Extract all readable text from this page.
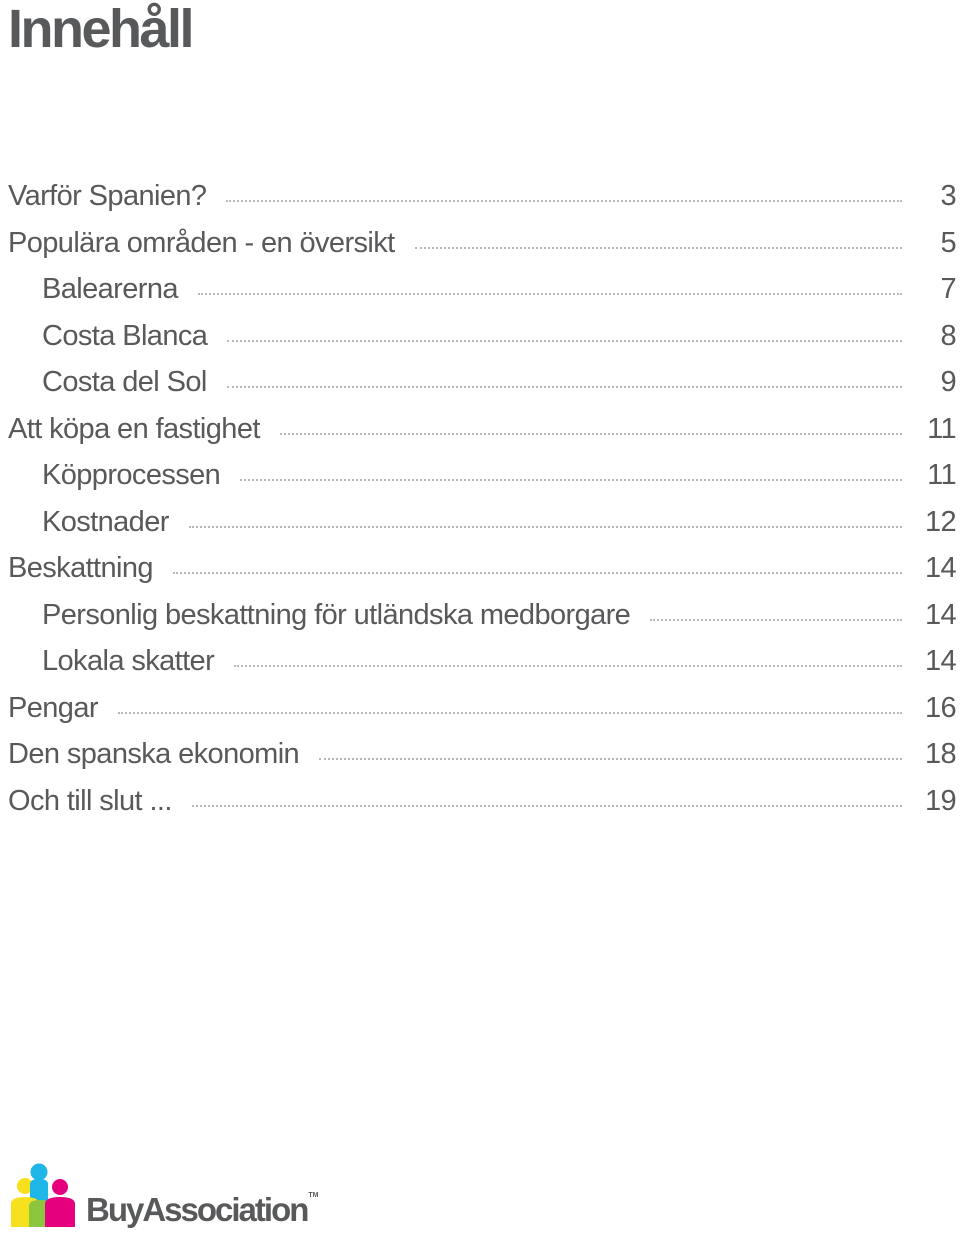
Innehåll
Varför Spanien?	3
Populära områden - en översikt	5
Balearerna	7
Costa Blanca	8
Costa del Sol	9
Att köpa en fastighet	11
Köpprocessen	11
Kostnader	12
Beskattning	14
Personlig beskattning för utländska medborgare	14
Lokala skatter	14
Pengar	16
Den spanska ekonomin	18
Och till slut ...	19
BuyAssociation TM
